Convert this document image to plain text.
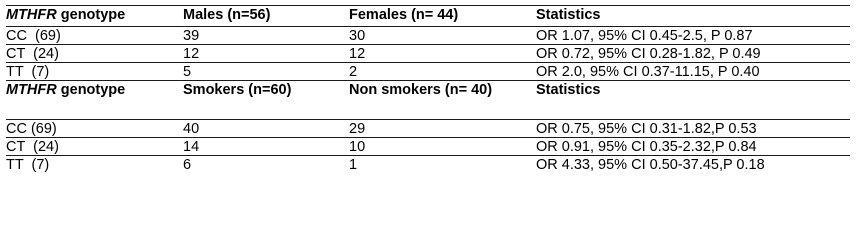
MTHFR genotype	Males (n=56)	Females (n= 44)	Statistics
CC  (69)	39	30	OR 1.07, 95% CI 0.45-2.5, P 0.87
CT  (24)	12	12	OR 0.72, 95% CI 0.28-1.82, P 0.49
TT  (7)	5	2	OR 2.0, 95% CI 0.37-11.15, P 0.40
MTHFR genotype	Smokers (n=60)	Non smokers (n= 40)	Statistics
CC (69)	40	29	OR 0.75, 95% CI 0.31-1.82,P 0.53
CT  (24)	14	10	OR 0.91, 95% CI 0.35-2.32,P 0.84
TT  (7)	6	1	OR 4.33, 95% CI 0.50-37.45,P 0.18
